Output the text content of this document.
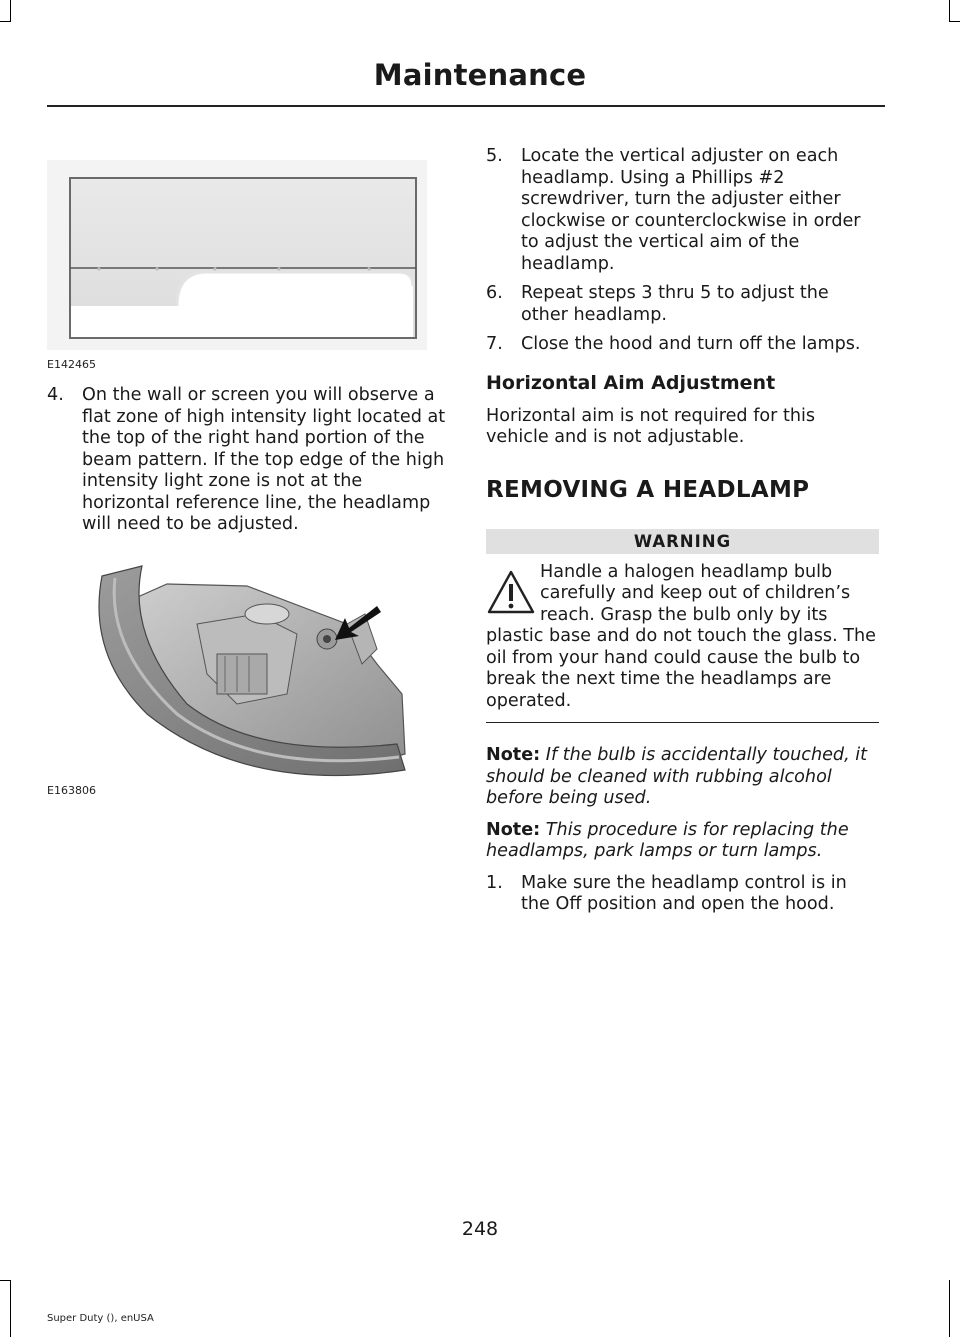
Maintenance
E142465
4. On the wall or screen you will observe a flat zone of high intensity light located at the top of the right hand portion of the beam pattern. If the top edge of the high intensity light zone is not at the horizontal reference line, the headlamp will need to be adjusted.
E163806
5. Locate the vertical adjuster on each headlamp. Using a Phillips #2 screwdriver, turn the adjuster either clockwise or counterclockwise in order to adjust the vertical aim of the headlamp.
6. Repeat steps 3 thru 5 to adjust the other headlamp.
7. Close the hood and turn off the lamps.
Horizontal Aim Adjustment

Horizontal aim is not required for this vehicle and is not adjustable.

REMOVING A HEADLAMP
WARNING
Handle a halogen headlamp bulb carefully and keep out of children’s reach. Grasp the bulb only by its plastic base and do not touch the glass. The oil from your hand could cause the bulb to break the next time the headlamps are operated.

Note: If the bulb is accidentally touched, it should be cleaned with rubbing alcohol before being used.

Note: This procedure is for replacing the headlamps, park lamps or turn lamps.

1. Make sure the headlamp control is in the Off position and open the hood.
248
Super Duty (), enUSA
